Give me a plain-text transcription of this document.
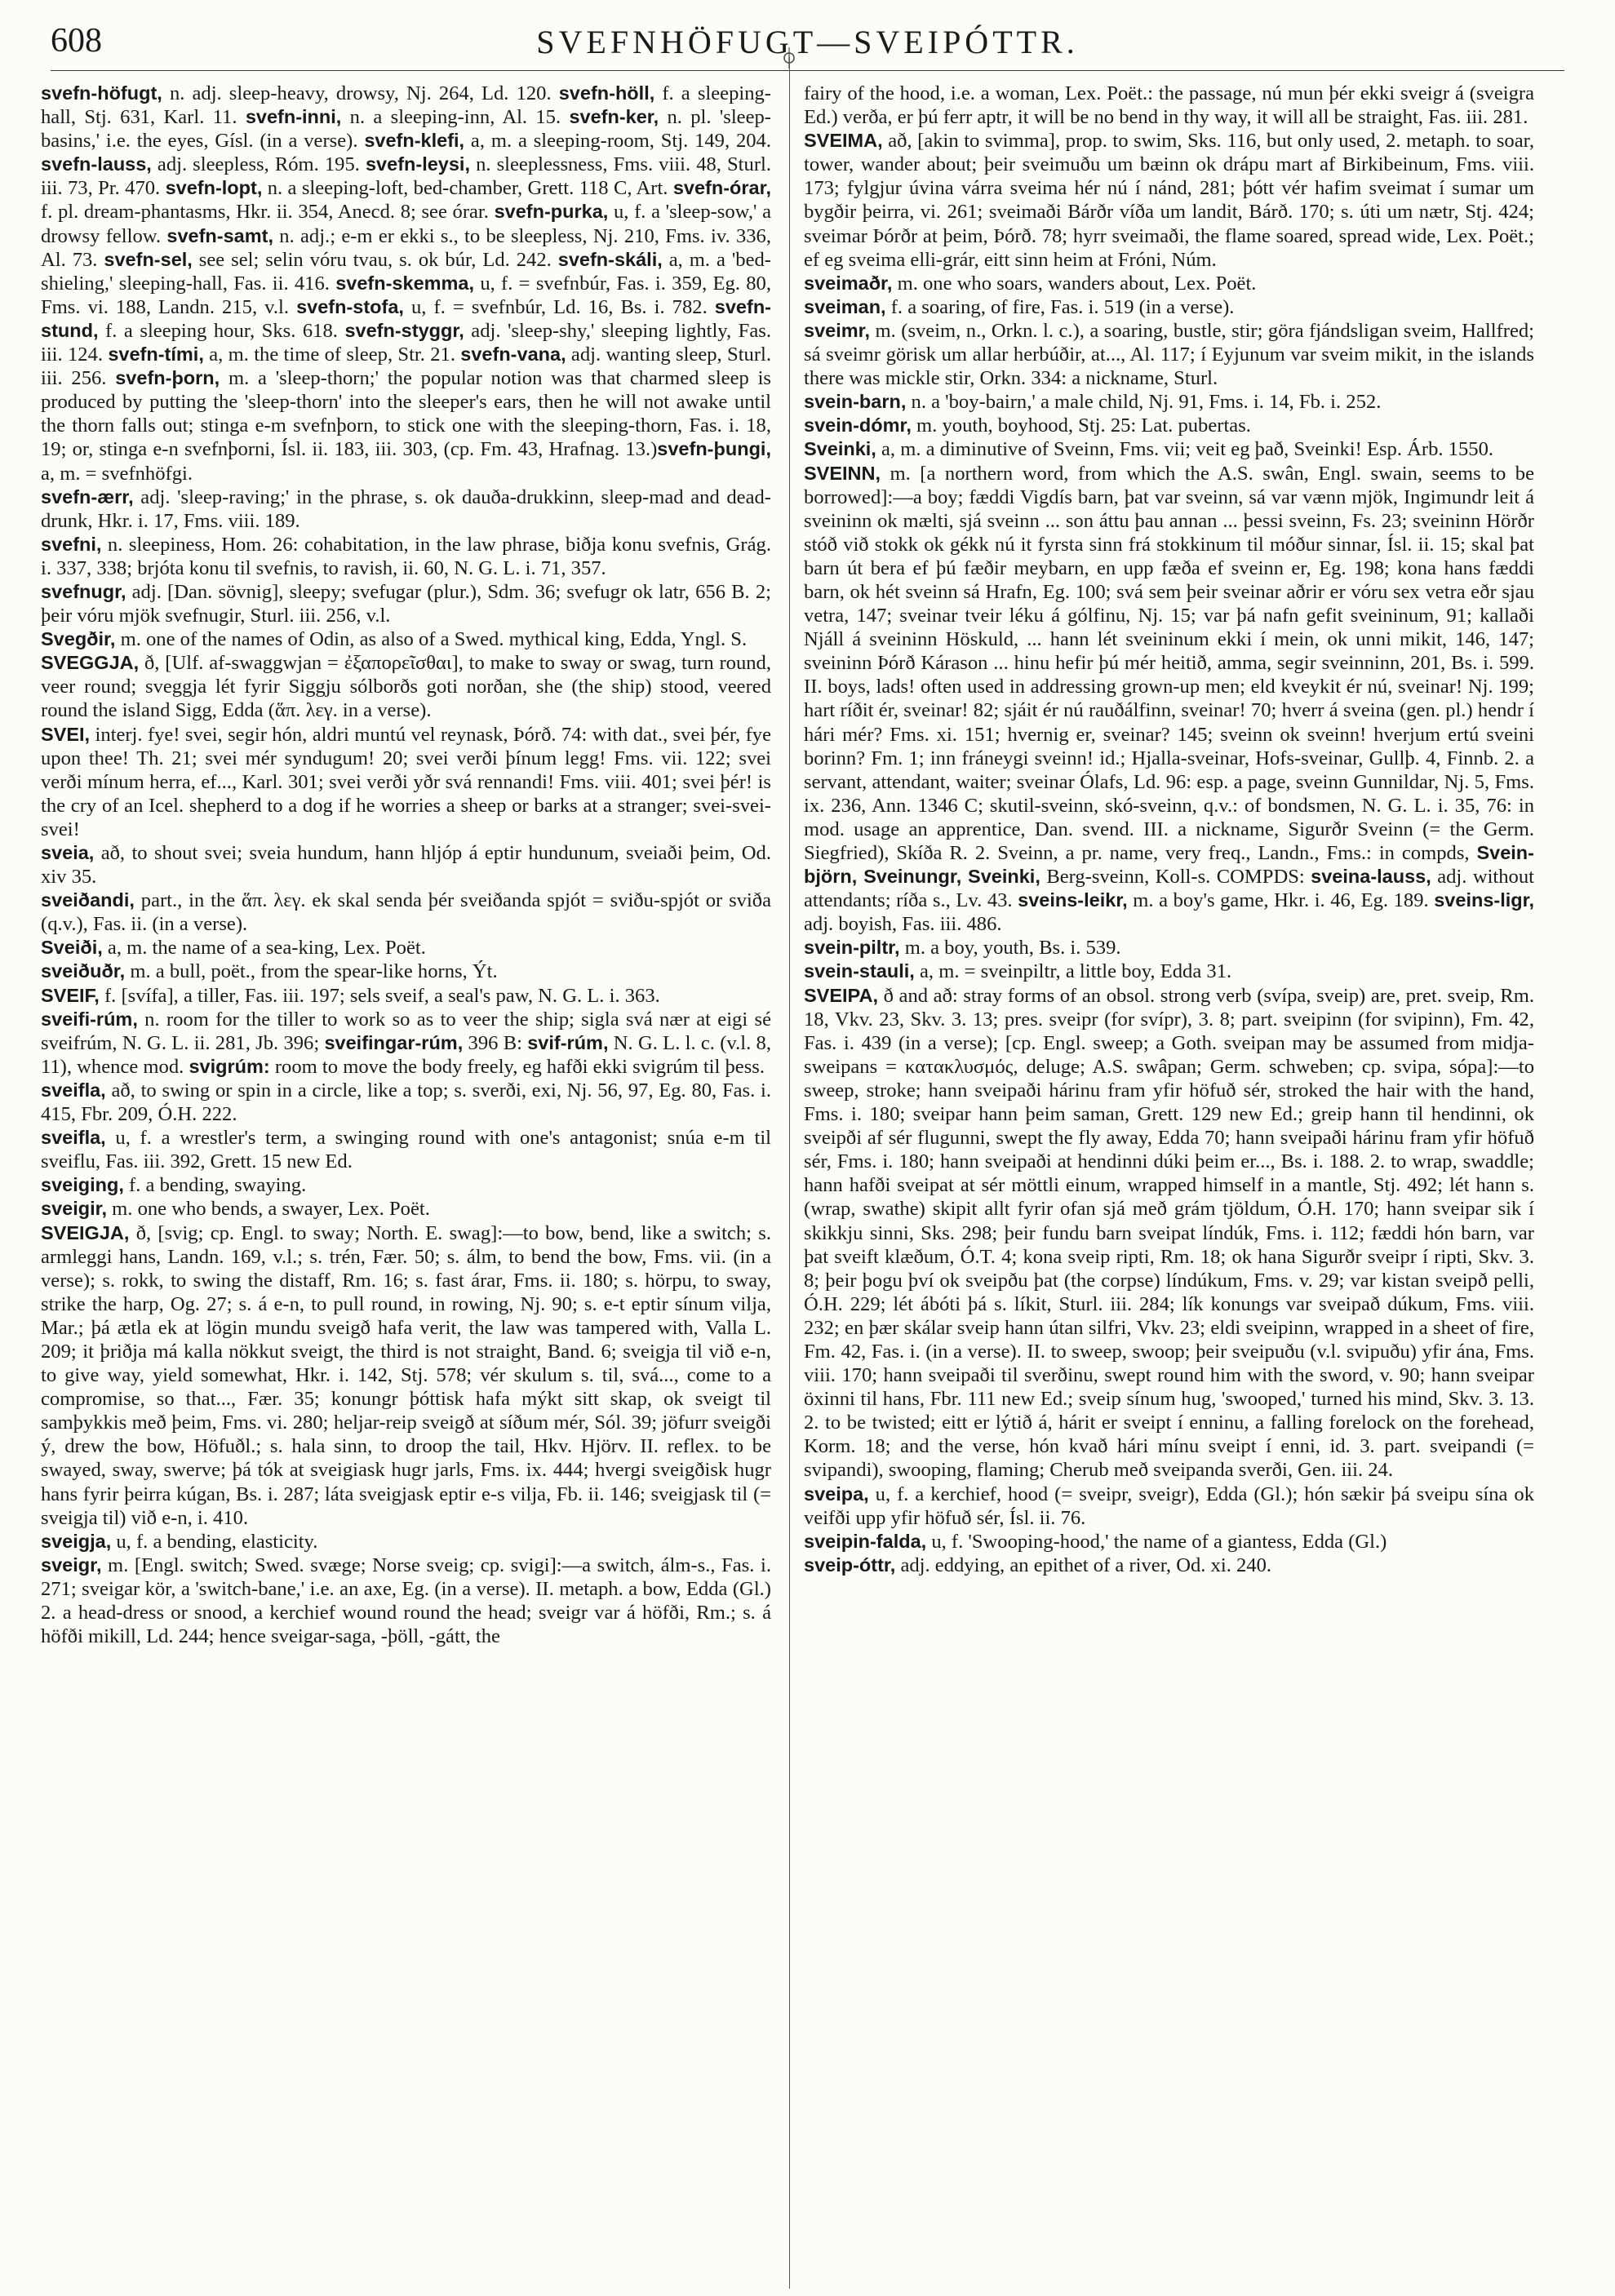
608	SVEFNHÖFUGT—SVEIPÓTTR.

svefn-höfugt, n. adj. sleep-heavy, drowsy, Nj. 264, Ld. 120. svefn-höll, f. a sleeping-hall, Stj. 631, Karl. 11. svefn-inni, n. a sleeping-inn, Al. 15. svefn-ker, n. pl. 'sleep-basins,' i.e. the eyes, Gísl. (in a verse). svefn-klefi, a, m. a sleeping-room, Stj. 149, 204. svefn-lauss, adj. sleepless, Róm. 195. svefn-leysi, n. sleeplessness, Fms. viii. 48, Sturl. iii. 73, Pr. 470. svefn-lopt, n. a sleeping-loft, bed-chamber, Grett. 118 C, Art. svefn-órar, f. pl. dream-phantasms, Hkr. ii. 354, Anecd. 8; see órar. svefn-purka, u, f. a 'sleep-sow,' a drowsy fellow. svefn-samt, n. adj.; e-m er ekki s., to be sleepless, Nj. 210, Fms. iv. 336, Al. 73. svefn-sel, see sel; selin vóru tvau, s. ok búr, Ld. 242. svefn-skáli, a, m. a 'bed-shieling,' sleeping-hall, Fas. ii. 416. svefn-skemma, u, f. = svefnbúr, Fas. i. 359, Eg. 80, Fms. vi. 188, Landn. 215, v.l. svefn-stofa, u, f. = svefnbúr, Ld. 16, Bs. i. 782. svefn-stund, f. a sleeping hour, Sks. 618. svefn-styggr, adj. 'sleep-shy,' sleeping lightly, Fas. iii. 124. svefn-tími, a, m. the time of sleep, Str. 21. svefn-vana, adj. wanting sleep, Sturl. iii. 256. svefn-þorn, m. a 'sleep-thorn;' the popular notion was that charmed sleep is produced by putting the 'sleep-thorn' into the sleeper's ears, then he will not awake until the thorn falls out; stinga e-m svefnþorn, to stick one with the sleeping-thorn, Fas. i. 18, 19; or, stinga e-n svefnþorni, Ísl. ii. 183, iii. 303, (cp. Fm. 43, Hrafnag. 13.)svefn-þungi, a, m. = svefnhöfgi.

svefn-ærr, adj. 'sleep-raving;' in the phrase, s. ok dauða-drukkinn, sleep-mad and dead-drunk, Hkr. i. 17, Fms. viii. 189.

svefni, n. sleepiness, Hom. 26: cohabitation, in the law phrase, biðja konu svefnis, Grág. i. 337, 338; brjóta konu til svefnis, to ravish, ii. 60, N. G. L. i. 71, 357.

svefnugr, adj. [Dan. sövnig], sleepy; svefugar (plur.), Sdm. 36; svefugr ok latr, 656 B. 2; þeir vóru mjök svefnugir, Sturl. iii. 256, v.l.

Svegðir, m. one of the names of Odin, as also of a Swed. mythical king, Edda, Yngl. S.

SVEGGJA, ð, [Ulf. af-swaggwjan = ἐξαπορεῖσθαι], to make to sway or swag, turn round, veer round; sveggja lét fyrir Siggju sólborðs goti norðan, she (the ship) stood, veered round the island Sigg, Edda (ἅπ. λεγ. in a verse).

SVEI, interj. fye! svei, segir hón, aldri muntú vel reynask, Þórð. 74: with dat., svei þér, fye upon thee! Th. 21; svei mér syndugum! 20; svei verði þínum legg! Fms. vii. 122; svei verði mínum herra, ef..., Karl. 301; svei verði yðr svá rennandi! Fms. viii. 401; svei þér! is the cry of an Icel. shepherd to a dog if he worries a sheep or barks at a stranger; svei-svei-svei!

sveia, að, to shout svei; sveia hundum, hann hljóp á eptir hundunum, sveiaði þeim, Od. xiv 35.

sveiðandi, part., in the ἅπ. λεγ. ek skal senda þér sveiðanda spjót = sviðu-spjót or sviða (q.v.), Fas. ii. (in a verse).

Sveiði, a, m. the name of a sea-king, Lex. Poët.

sveiðuðr, m. a bull, poët., from the spear-like horns, Ýt.

SVEIF, f. [svífa], a tiller, Fas. iii. 197; sels sveif, a seal's paw, N. G. L. i. 363.

sveifi-rúm, n. room for the tiller to work so as to veer the ship; sigla svá nær at eigi sé sveifrúm, N. G. L. ii. 281, Jb. 396; sveifingar-rúm, 396 B: svif-rúm, N. G. L. l. c. (v.l. 8, 11), whence mod. svigrúm: room to move the body freely, eg hafði ekki svigrúm til þess.

sveifla, að, to swing or spin in a circle, like a top; s. sverði, exi, Nj. 56, 97, Eg. 80, Fas. i. 415, Fbr. 209, Ó.H. 222.

sveifla, u, f. a wrestler's term, a swinging round with one's antagonist; snúa e-m til sveiflu, Fas. iii. 392, Grett. 15 new Ed.

sveiging, f. a bending, swaying.

sveigir, m. one who bends, a swayer, Lex. Poët.

SVEIGJA, ð, [svig; cp. Engl. to sway; North. E. swag]:—to bow, bend, like a switch; s. armleggi hans, Landn. 169, v.l.; s. trén, Fær. 50; s. álm, to bend the bow, Fms. vii. (in a verse); s. rokk, to swing the distaff, Rm. 16; s. fast árar, Fms. ii. 180; s. hörpu, to sway, strike the harp, Og. 27; s. á e-n, to pull round, in rowing, Nj. 90; s. e-t eptir sínum vilja, Mar.; þá ætla ek at lögin mundu sveigð hafa verit, the law was tampered with, Valla L. 209; it þriðja má kalla nökkut sveigt, the third is not straight, Band. 6; sveigja til við e-n, to give way, yield somewhat, Hkr. i. 142, Stj. 578; vér skulum s. til, svá..., come to a compromise, so that..., Fær. 35; konungr þóttisk hafa mýkt sitt skap, ok sveigt til samþykkis með þeim, Fms. vi. 280; heljar-reip sveigð at síðum mér, Sól. 39; jöfurr sveigði ý, drew the bow, Höfuðl.; s. hala sinn, to droop the tail, Hkv. Hjörv. II. reflex. to be swayed, sway, swerve; þá tók at sveigiask hugr jarls, Fms. ix. 444; hvergi sveigðisk hugr hans fyrir þeirra kúgan, Bs. i. 287; láta sveigjask eptir e-s vilja, Fb. ii. 146; sveigjask til (= sveigja til) við e-n, i. 410.

sveigja, u, f. a bending, elasticity.

sveigr, m. [Engl. switch; Swed. svæge; Norse sveig; cp. svigi]:—a switch, álm-s., Fas. i. 271; sveigar kör, a 'switch-bane,' i.e. an axe, Eg. (in a verse). II. metaph. a bow, Edda (Gl.) 2. a head-dress or snood, a kerchief wound round the head; sveigr var á höfði, Rm.; s. á höfði mikill, Ld. 244; hence sveigar-saga, -þöll, -gátt, the

fairy of the hood, i.e. a woman, Lex. Poët.: the passage, nú mun þér ekki sveigr á (sveigra Ed.) verða, er þú ferr aptr, it will be no bend in thy way, it will all be straight, Fas. iii. 281.

SVEIMA, að, [akin to svimma], prop. to swim, Sks. 116, but only used, 2. metaph. to soar, tower, wander about; þeir sveimuðu um bæinn ok drápu mart af Birkibeinum, Fms. viii. 173; fylgjur úvina várra sveima hér nú í nánd, 281; þótt vér hafim sveimat í sumar um bygðir þeirra, vi. 261; sveimaði Bárðr víða um landit, Bárð. 170; s. úti um nætr, Stj. 424; sveimar Þórðr at þeim, Þórð. 78; hyrr sveimaði, the flame soared, spread wide, Lex. Poët.; ef eg sveima elli-grár, eitt sinn heim at Fróni, Núm.

sveimaðr, m. one who soars, wanders about, Lex. Poët.

sveiman, f. a soaring, of fire, Fas. i. 519 (in a verse).

sveimr, m. (sveim, n., Orkn. l. c.), a soaring, bustle, stir; göra fjándsligan sveim, Hallfred; sá sveimr görisk um allar herbúðir, at..., Al. 117; í Eyjunum var sveim mikit, in the islands there was mickle stir, Orkn. 334: a nickname, Sturl.

svein-barn, n. a 'boy-bairn,' a male child, Nj. 91, Fms. i. 14, Fb. i. 252.

svein-dómr, m. youth, boyhood, Stj. 25: Lat. pubertas.

Sveinki, a, m. a diminutive of Sveinn, Fms. vii; veit eg það, Sveinki! Esp. Árb. 1550.

SVEINN, m. [a northern word, from which the A.S. swân, Engl. swain, seems to be borrowed]:—a boy; fæddi Vigdís barn, þat var sveinn, sá var vænn mjök, Ingimundr leit á sveininn ok mælti, sjá sveinn ... son áttu þau annan ... þessi sveinn, Fs. 23; sveininn Hörðr stóð við stokk ok gékk nú it fyrsta sinn frá stokkinum til móður sinnar, Ísl. ii. 15; skal þat barn út bera ef þú fæðir meybarn, en upp fæða ef sveinn er, Eg. 198; kona hans fæddi barn, ok hét sveinn sá Hrafn, Eg. 100; svá sem þeir sveinar aðrir er vóru sex vetra eðr sjau vetra, 147; sveinar tveir léku á gólfinu, Nj. 15; var þá nafn gefit sveininum, 91; kallaði Njáll á sveininn Höskuld, ... hann lét sveininum ekki í mein, ok unni mikit, 146, 147; sveininn Þórð Kárason ... hinu hefir þú mér heitið, amma, segir sveinninn, 201, Bs. i. 599. II. boys, lads! often used in addressing grown-up men; eld kveykit ér nú, sveinar! Nj. 199; hart ríðit ér, sveinar! 82; sjáit ér nú rauðálfinn, sveinar! 70; hverr á sveina (gen. pl.) hendr í hári mér? Fms. xi. 151; hvernig er, sveinar? 145; sveinn ok sveinn! hverjum ertú sveini borinn? Fm. 1; inn fráneygi sveinn! id.; Hjalla-sveinar, Hofs-sveinar, Gullþ. 4, Finnb. 2. a servant, attendant, waiter; sveinar Ólafs, Ld. 96: esp. a page, sveinn Gunnildar, Nj. 5, Fms. ix. 236, Ann. 1346 C; skutil-sveinn, skó-sveinn, q.v.: of bondsmen, N. G. L. i. 35, 76: in mod. usage an apprentice, Dan. svend. III. a nickname, Sigurðr Sveinn (= the Germ. Siegfried), Skíða R. 2. Sveinn, a pr. name, very freq., Landn., Fms.: in compds, Svein-björn, Sveinungr, Sveinki, Berg-sveinn, Koll-s. COMPDS: sveina-lauss, adj. without attendants; ríða s., Lv. 43. sveins-leikr, m. a boy's game, Hkr. i. 46, Eg. 189. sveins-ligr, adj. boyish, Fas. iii. 486.

svein-piltr, m. a boy, youth, Bs. i. 539.

svein-stauli, a, m. = sveinpiltr, a little boy, Edda 31.

SVEIPA, ð and að: stray forms of an obsol. strong verb (svípa, sveip) are, pret. sveip, Rm. 18, Vkv. 23, Skv. 3. 13; pres. sveipr (for svípr), 3. 8; part. sveipinn (for svipinn), Fm. 42, Fas. i. 439 (in a verse); [cp. Engl. sweep; a Goth. sveipan may be assumed from midja-sweipans = κατακλυσμός, deluge; A.S. swâpan; Germ. schweben; cp. svipa, sópa]:—to sweep, stroke; hann sveipaði hárinu fram yfir höfuð sér, stroked the hair with the hand, Fms. i. 180; sveipar hann þeim saman, Grett. 129 new Ed.; greip hann til hendinni, ok sveipði af sér flugunni, swept the fly away, Edda 70; hann sveipaði hárinu fram yfir höfuð sér, Fms. i. 180; hann sveipaði at hendinni dúki þeim er..., Bs. i. 188. 2. to wrap, swaddle; hann hafði sveipat at sér möttli einum, wrapped himself in a mantle, Stj. 492; lét hann s. (wrap, swathe) skipit allt fyrir ofan sjá með grám tjöldum, Ó.H. 170; hann sveipar sik í skikkju sinni, Sks. 298; þeir fundu barn sveipat líndúk, Fms. i. 112; fæddi hón barn, var þat sveift klæðum, Ó.T. 4; kona sveip ripti, Rm. 18; ok hana Sigurðr sveipr í ripti, Skv. 3. 8; þeir þogu því ok sveipðu þat (the corpse) líndúkum, Fms. v. 29; var kistan sveipð pelli, Ó.H. 229; lét ábóti þá s. líkit, Sturl. iii. 284; lík konungs var sveipað dúkum, Fms. viii. 232; en þær skálar sveip hann útan silfri, Vkv. 23; eldi sveipinn, wrapped in a sheet of fire, Fm. 42, Fas. i. (in a verse). II. to sweep, swoop; þeir sveipuðu (v.l. svipuðu) yfir ána, Fms. viii. 170; hann sveipaði til sverðinu, swept round him with the sword, v. 90; hann sveipar öxinni til hans, Fbr. 111 new Ed.; sveip sínum hug, 'swooped,' turned his mind, Skv. 3. 13. 2. to be twisted; eitt er lýtið á, hárit er sveipt í enninu, a falling forelock on the forehead, Korm. 18; and the verse, hón kvað hári mínu sveipt í enni, id. 3. part. sveipandi (= svipandi), swooping, flaming; Cherub með sveipanda sverði, Gen. iii. 24.

sveipa, u, f. a kerchief, hood (= sveipr, sveigr), Edda (Gl.); hón sækir þá sveipu sína ok veifði upp yfir höfuð sér, Ísl. ii. 76.

sveipin-falda, u, f. 'Swooping-hood,' the name of a giantess, Edda (Gl.)

sveip-óttr, adj. eddying, an epithet of a river, Od. xi. 240.
